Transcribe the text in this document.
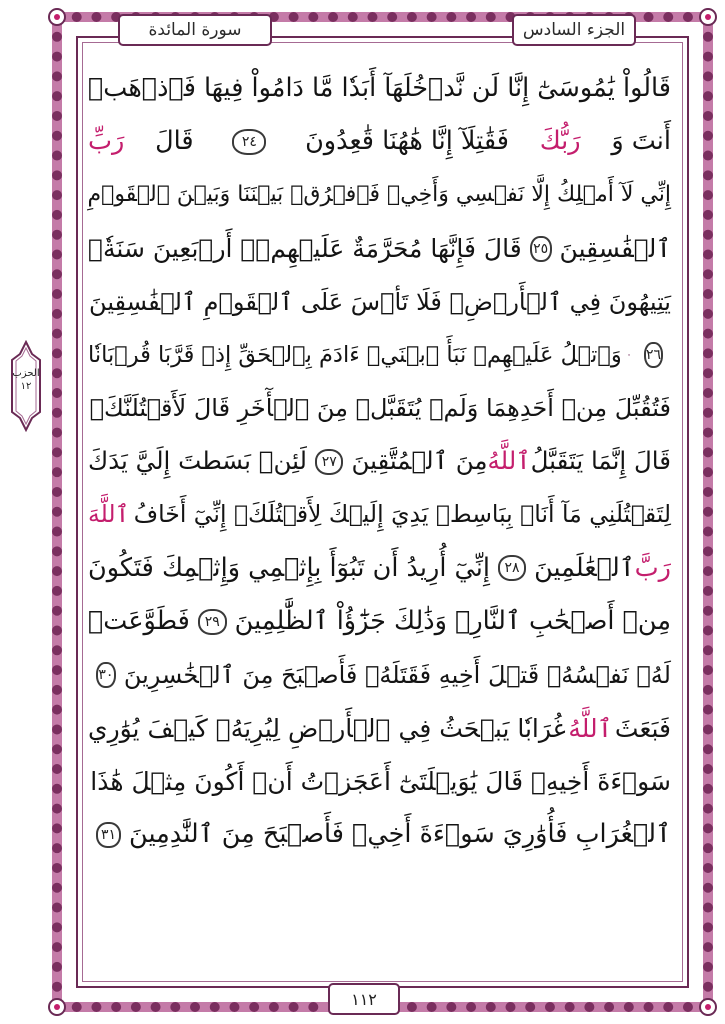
الحزب
١٢
سورة المائدة	الجزء السادس
قَالُواْ يَٰمُوسَىٰٓ إِنَّا لَن نَّدۡخُلَهَآ أَبَدٗا مَّا دَامُواْ فِيهَا فَٱذۡهَبۡ
أَنتَ وَ
رَبُّكَ
فَقَٰتِلَآ إِنَّا هَٰهُنَا قَٰعِدُونَ
٢٤
قَالَ
رَبِّ
إِنِّي لَآ أَمۡلِكُ إِلَّا نَفۡسِي وَأَخِيۖ فَٱفۡرُقۡ بَيۡنَنَا وَبَيۡنَ ٱلۡقَوۡمِ
ٱلۡفَٰسِقِينَ
٢٥
قَالَ فَإِنَّهَا مُحَرَّمَةٌ عَلَيۡهِمۡۛ أَرۡبَعِينَ سَنَةٗۛ
يَتِيهُونَ فِي ٱلۡأَرۡضِۚ فَلَا تَأۡسَ عَلَى ٱلۡقَوۡمِ ٱلۡفَٰسِقِينَ
٢٦
وَٱتۡلُ عَلَيۡهِمۡ نَبَأَ ٱبۡنَيۡ ءَادَمَ بِٱلۡحَقِّ إِذۡ قَرَّبَا قُرۡبَانٗا
فَتُقُبِّلَ مِنۡ أَحَدِهِمَا وَلَمۡ يُتَقَبَّلۡ مِنَ ٱلۡأٓخَرِ قَالَ لَأَقۡتُلَنَّكَۖ
قَالَ إِنَّمَا يَتَقَبَّلُ
ٱللَّهُ
مِنَ ٱلۡمُتَّقِينَ
٢٧
لَئِنۢ بَسَطتَ إِلَيَّ يَدَكَ
لِتَقۡتُلَنِي مَآ أَنَا۠ بِبَاسِطٖ يَدِيَ إِلَيۡكَ لِأَقۡتُلَكَۖ إِنِّيٓ أَخَافُ
ٱللَّهَ
رَبَّ
ٱلۡعَٰلَمِينَ
٢٨
إِنِّيٓ أُرِيدُ أَن تَبُوٓأَ بِإِثۡمِي وَإِثۡمِكَ فَتَكُونَ
مِنۡ أَصۡحَٰبِ ٱلنَّارِۚ وَذَٰلِكَ جَزَٰٓؤُاْ ٱلظَّٰلِمِينَ
٢٩
فَطَوَّعَتۡ
لَهُۥ نَفۡسُهُۥ قَتۡلَ أَخِيهِ فَقَتَلَهُۥ فَأَصۡبَحَ مِنَ ٱلۡخَٰسِرِينَ
٣٠
فَبَعَثَ
ٱللَّهُ
غُرَابٗا يَبۡحَثُ فِي ٱلۡأَرۡضِ لِيُرِيَهُۥ كَيۡفَ يُوَٰرِي
سَوۡءَةَ أَخِيهِۚ قَالَ يَٰوَيۡلَتَىٰٓ أَعَجَزۡتُ أَنۡ أَكُونَ مِثۡلَ هَٰذَا
ٱلۡغُرَابِ فَأُوَٰرِيَ سَوۡءَةَ أَخِيۖ فَأَصۡبَحَ مِنَ ٱلنَّٰدِمِينَ
٣١
١١٢
